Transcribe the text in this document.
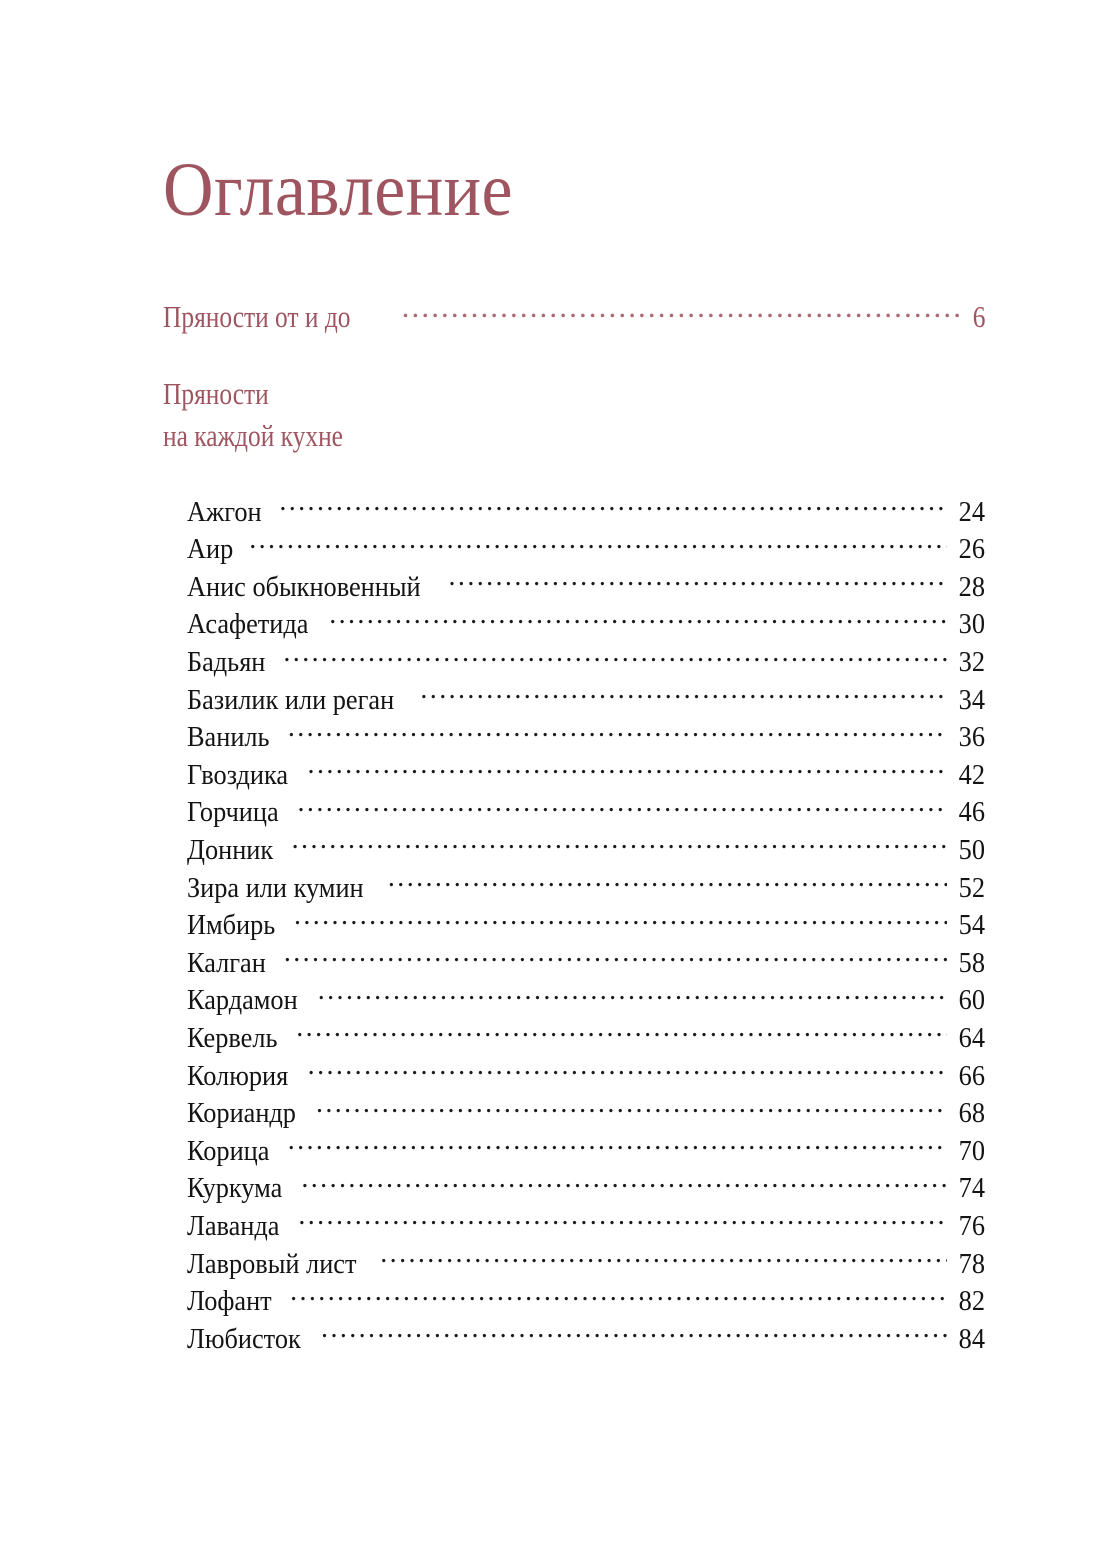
Оглавление
Пряности от и до .....	6
Пряности
на каждой кухне
Ажгон .....	24
Аир .....	26
Анис обыкновенный .....	28
Асафетида .....	30
Бадьян .....	32
Базилик или реган .....	34
Ваниль .....	36
Гвоздика .....	42
Горчица .....	46
Донник .....	50
Зира или кумин .....	52
Имбирь .....	54
Калган .....	58
Кардамон .....	60
Кервель .....	64
Колюрия .....	66
Кориандр .....	68
Корица .....	70
Куркума .....	74
Лаванда .....	76
Лавровый лист .....	78
Лофант .....	82
Любисток .....	84
